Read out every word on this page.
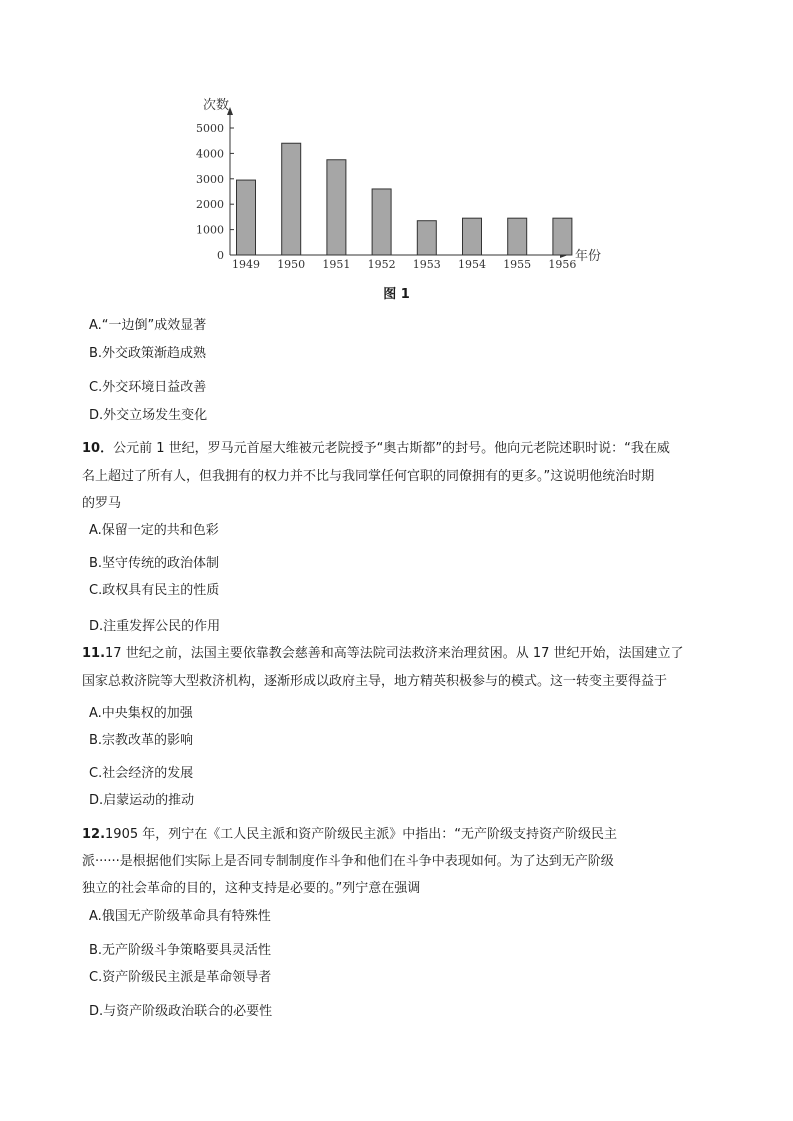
次数
年份
0
1000
2000
3000
4000
5000
1949 1950 1951 1952 1953 1954 1955 1956
图 1
A.“一边倒”成效显著
B.外交政策渐趋成熟
C.外交环境日益改善
D.外交立场发生变化
10．公元前 1 世纪，罗马元首屋大维被元老院授予“奥古斯都”的封号。他向元老院述职时说：“我在威
名上超过了所有人，但我拥有的权力并不比与我同掌任何官职的同僚拥有的更多。”这说明他统治时期
的罗马
A.保留一定的共和色彩
B.坚守传统的政治体制
C.政权具有民主的性质
D.注重发挥公民的作用
11.17 世纪之前，法国主要依靠教会慈善和高等法院司法救济来治理贫困。从 17 世纪开始，法国建立了
国家总救济院等大型救济机构，逐渐形成以政府主导，地方精英积极参与的模式。这一转变主要得益于
A.中央集权的加强
B.宗教改革的影响
C.社会经济的发展
D.启蒙运动的推动
12.1905 年，列宁在《工人民主派和资产阶级民主派》中指出：“无产阶级支持资产阶级民主
派······是根据他们实际上是否同专制制度作斗争和他们在斗争中表现如何。为了达到无产阶级
独立的社会革命的目的，这种支持是必要的。”列宁意在强调
A.俄国无产阶级革命具有特殊性
B.无产阶级斗争策略要具灵活性
C.资产阶级民主派是革命领导者
D.与资产阶级政治联合的必要性
